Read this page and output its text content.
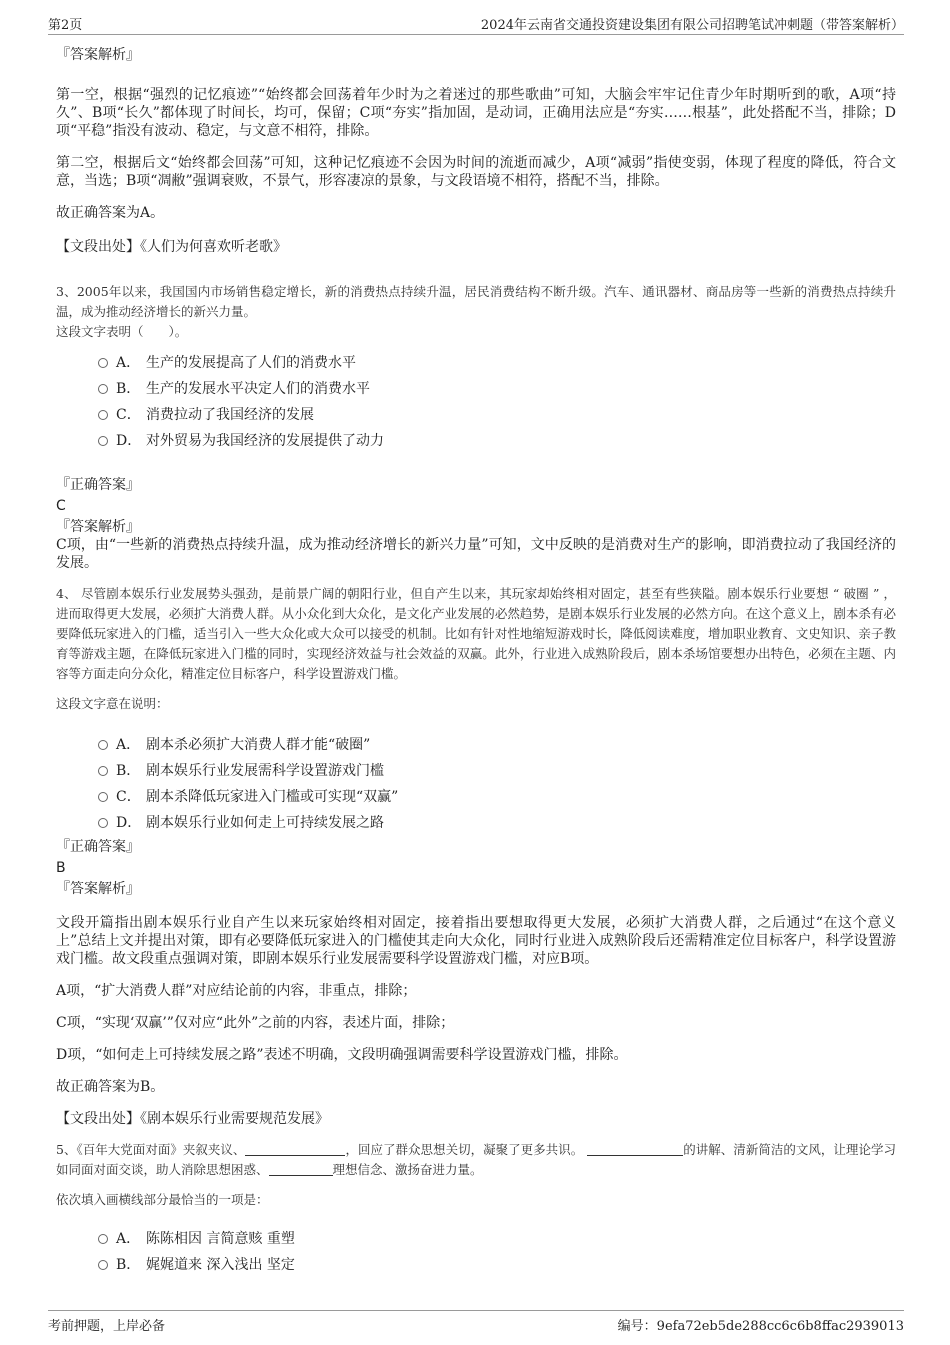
第2页	2024年云南省交通投资建设集团有限公司招聘笔试冲刺题（带答案解析）

『答案解析』

第一空，根据“强烈的记忆痕迹”“始终都会回荡着年少时为之着迷过的那些歌曲”可知，大脑会牢牢记住青少年时期听到的歌，A项“持久”、B项“长久”都体现了时间长，均可，保留；C项“夯实”指加固，是动词，正确用法应是“夯实……根基”，此处搭配不当，排除；D项“平稳”指没有波动、稳定，与文意不相符，排除。

第二空，根据后文“始终都会回荡”可知，这种记忆痕迹不会因为时间的流逝而减少，A项“减弱”指使变弱，体现了程度的降低，符合文意，当选；B项“凋敝”强调衰败，不景气，形容凄凉的景象，与文段语境不相符，搭配不当，排除。

故正确答案为A。

【文段出处】《人们为何喜欢听老歌》

3、2005年以来，我国国内市场销售稳定增长，新的消费热点持续升温，居民消费结构不断升级。汽车、通讯器材、商品房等一些新的消费热点持续升温，成为推动经济增长的新兴力量。

这段文字表明（　　）。

A． 生产的发展提高了人们的消费水平
B． 生产的发展水平决定人们的消费水平
C． 消费拉动了我国经济的发展
D． 对外贸易为我国经济的发展提供了动力

『正确答案』

C

『答案解析』

C项，由“一些新的消费热点持续升温，成为推动经济增长的新兴力量”可知，文中反映的是消费对生产的影响，即消费拉动了我国经济的发展。

4、 尽管剧本娱乐行业发展势头强劲，是前景广阔的朝阳行业，但自产生以来，其玩家却始终相对固定，甚至有些狭隘。剧本娱乐行业要想 “ 破圈 ” ，进而取得更大发展，必须扩大消费人群。从小众化到大众化，是文化产业发展的必然趋势，是剧本娱乐行业发展的必然方向。在这个意义上，剧本杀有必要降低玩家进入的门槛，适当引入一些大众化或大众可以接受的机制。比如有针对性地缩短游戏时长，降低阅读难度，增加职业教育、文史知识、亲子教育等游戏主题，在降低玩家进入门槛的同时，实现经济效益与社会效益的双赢。此外，行业进入成熟阶段后，剧本杀场馆要想办出特色，必须在主题、内容等方面走向分众化，精准定位目标客户，科学设置游戏门槛。

这段文字意在说明：

A． 剧本杀必须扩大消费人群才能“破圈”
B． 剧本娱乐行业发展需科学设置游戏门槛
C． 剧本杀降低玩家进入门槛或可实现“双赢”
D． 剧本娱乐行业如何走上可持续发展之路

『正确答案』

B

『答案解析』

文段开篇指出剧本娱乐行业自产生以来玩家始终相对固定，接着指出要想取得更大发展，必须扩大消费人群，之后通过“在这个意义上”总结上文并提出对策，即有必要降低玩家进入的门槛使其走向大众化，同时行业进入成熟阶段后还需精准定位目标客户，科学设置游戏门槛。故文段重点强调对策，即剧本娱乐行业发展需要科学设置游戏门槛，对应B项。

A项，“扩大消费人群”对应结论前的内容，非重点，排除；

C项，“实现‘双赢’”仅对应“此外”之前的内容，表述片面，排除；

D项，“如何走上可持续发展之路”表述不明确，文段明确强调需要科学设置游戏门槛，排除。

故正确答案为B。

【文段出处】《剧本娱乐行业需要规范发展》

5、《百年大党面对面》夹叙夹议、	，回应了群众思想关切，凝聚了更多共识。	的讲解、清新简洁的文风，让理论学习如同面对面交谈，助人消除思想困惑、	理想信念、激扬奋进力量。

依次填入画横线部分最恰当的一项是：

A． 陈陈相因 言简意赅 重塑
B． 娓娓道来 深入浅出 坚定
考前押题，上岸必备	编号：9efa72eb5de288cc6c6b8ffac2939013
